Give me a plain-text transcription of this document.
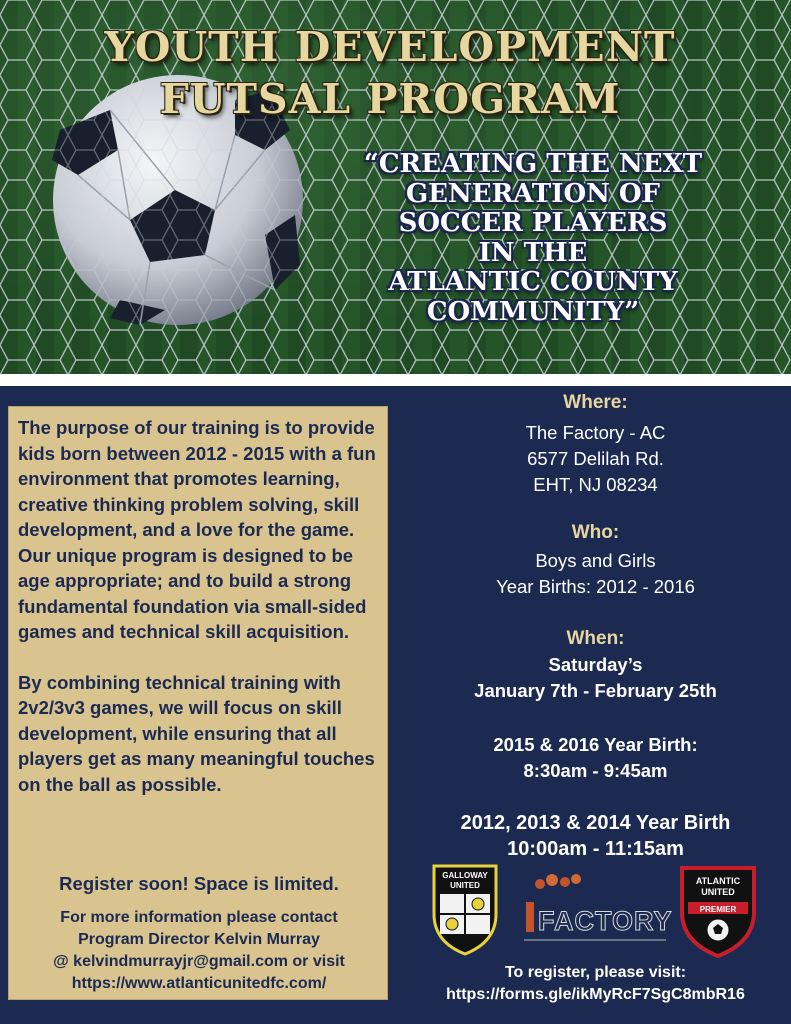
YOUTH DEVELOPMENT
FUTSAL PROGRAM
“CREATING THE NEXT
GENERATION OF
SOCCER PLAYERS
IN THE
ATLANTIC COUNTY
COMMUNITY”

The purpose of our training is to provide kids born between 2012 - 2015 with a fun environment that promotes learning, creative thinking problem solving, skill development, and a love for the game. Our unique program is designed to be age appropriate; and to build a strong fundamental foundation via small-sided games and technical skill acquisition.

By combining technical training with 2v2/3v3 games, we will focus on skill development, while ensuring that all players get as many meaningful touches on the ball as possible.

Register soon! Space is limited.
For more information please contact
Program Director Kelvin Murray
@ kelvindmurrayjr@gmail.com or visit
https://www.atlanticunitedfc.com/
Where:
The Factory - AC
6577 Delilah Rd.
EHT, NJ 08234
Who:
Boys and Girls
Year Births: 2012 - 2016
When:
Saturday’s
January 7th - February 25th
2015 & 2016 Year Birth:
8:30am - 9:45am
2012, 2013 & 2014 Year Birth
10:00am - 11:15am
GALLOWAY
UNITED
FACTORY
ATLANTIC
UNITED
PREMIER
To register, please visit:
https://forms.gle/ikMyRcF7SgC8mbR16
